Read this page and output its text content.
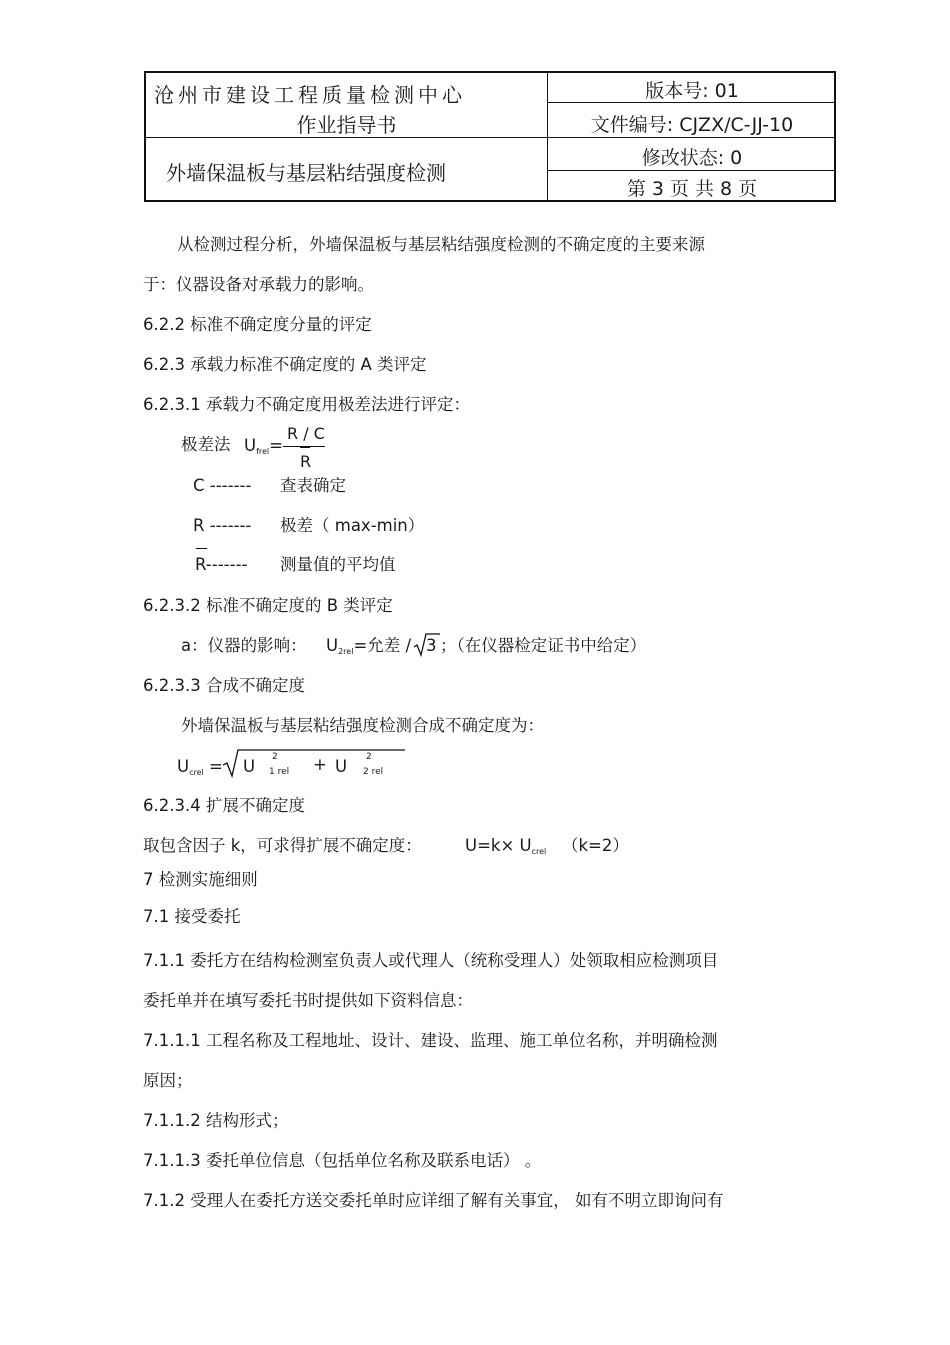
沧州市建设工程质量检测中心
作业指导书
外墙保温板与基层粘结强度检测
版本号: 01
文件编号: CJZX/C-JJ-10
修改状态: 0
第 3 页 共 8 页
从检测过程分析，外墙保温板与基层粘结强度检测的不确定度的主要来源
于：仪器设备对承载力的影响。
6.2.2 标准不确定度分量的评定
6.2.3 承载力标准不确定度的 A 类评定
6.2.3.1 承载力不确定度用极差法进行评定：
极差法 Ufrel=
R / C
R
C ------- 查表确定
R ------- 极差（ max-min）
R------- 测量值的平均值
6.2.3.2 标准不确定度的 B 类评定
a：仪器的影响： U2rel=允差 / 3 ；（在仪器检定证书中给定）
6.2.3.3 合成不确定度
外墙保温板与基层粘结强度检测合成不确定度为：
Ucrel = U 2
1 rel + U 2
2 rel
6.2.3.4 扩展不确定度
取包含因子 k，可求得扩展不确定度：	U=k× Ucrel （k=2）
7 检测实施细则
7.1 接受委托
7.1.1 委托方在结构检测室负责人或代理人（统称受理人）处领取相应检测项目
委托单并在填写委托书时提供如下资料信息：
7.1.1.1 工程名称及工程地址、设计、建设、监理、施工单位名称，并明确检测
原因；
7.1.1.2 结构形式；
7.1.1.3 委托单位信息（包括单位名称及联系电话） 。
7.1.2 受理人在委托方送交委托单时应详细了解有关事宜， 如有不明立即询问有
